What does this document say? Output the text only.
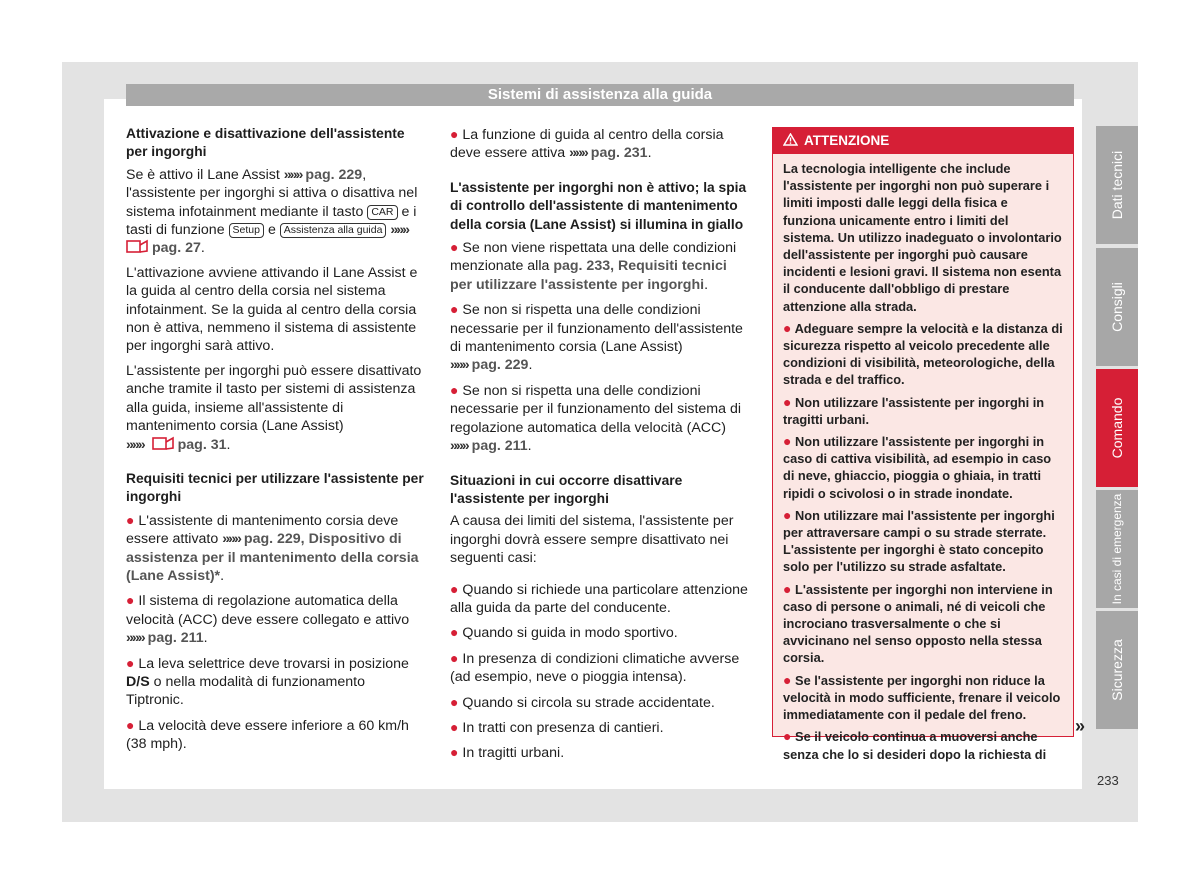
Sistemi di assistenza alla guida
Attivazione e disattivazione dell'assistente per ingorghi

Se è attivo il Lane Assist »»» pag. 229, l'assistente per ingorghi si attiva o disattiva nel sistema infotainment mediante il tasto CAR e i tasti di funzione Setup e Assistenza alla guida »»» pag. 27.

L'attivazione avviene attivando il Lane Assist e la guida al centro della corsia nel sistema infotainment. Se la guida al centro della corsia non è attiva, nemmeno il sistema di assistente per ingorghi sarà attivo.

L'assistente per ingorghi può essere disattivato anche tramite il tasto per sistemi di assistenza alla guida, insieme all'assistente di mantenimento corsia (Lane Assist)
»»» pag. 31.

Requisiti tecnici per utilizzare l'assistente per ingorghi

● L'assistente di mantenimento corsia deve essere attivato »»» pag. 229, Dispositivo di assistenza per il mantenimento della corsia (Lane Assist)*.

● Il sistema di regolazione automatica della velocità (ACC) deve essere collegato e attivo »»» pag. 211.

● La leva selettrice deve trovarsi in posizione D/S o nella modalità di funzionamento Tiptronic.

● La velocità deve essere inferiore a 60 km/h (38 mph).

● La funzione di guida al centro della corsia deve essere attiva »»» pag. 231.

L'assistente per ingorghi non è attivo; la spia di controllo dell'assistente di mantenimento della corsia (Lane Assist) si illumina in giallo

● Se non viene rispettata una delle condizioni menzionate alla pag. 233, Requisiti tecnici per utilizzare l'assistente per ingorghi.

● Se non si rispetta una delle condizioni necessarie per il funzionamento dell'assistente di mantenimento corsia (Lane Assist)
»»» pag. 229.

● Se non si rispetta una delle condizioni necessarie per il funzionamento del sistema di regolazione automatica della velocità (ACC)
»»» pag. 211.

Situazioni in cui occorre disattivare l'assistente per ingorghi

A causa dei limiti del sistema, l'assistente per ingorghi dovrà essere sempre disattivato nei seguenti casi:

● Quando si richiede una particolare attenzione alla guida da parte del conducente.

● Quando si guida in modo sportivo.

● In presenza di condizioni climatiche avverse (ad esempio, neve o pioggia intensa).

● Quando si circola su strade accidentate.

● In tratti con presenza di cantieri.

● In tragitti urbani.

ATTENZIONE

La tecnologia intelligente che include l'assistente per ingorghi non può superare i limiti imposti dalle leggi della fisica e funziona unicamente entro i limiti del sistema. Un utilizzo inadeguato o involontario dell'assistente per ingorghi può causare incidenti e lesioni gravi. Il sistema non esenta il conducente dall'obbligo di prestare attenzione alla strada.

● Adeguare sempre la velocità e la distanza di sicurezza rispetto al veicolo precedente alle condizioni di visibilità, meteorologiche, della strada e del traffico.

● Non utilizzare l'assistente per ingorghi in tragitti urbani.

● Non utilizzare l'assistente per ingorghi in caso di cattiva visibilità, ad esempio in caso di neve, ghiaccio, pioggia o ghiaia, in tratti ripidi o scivolosi o in strade inondate.

● Non utilizzare mai l'assistente per ingorghi per attraversare campi o su strade sterrate. L'assistente per ingorghi è stato concepito solo per l'utilizzo su strade asfaltate.

● L'assistente per ingorghi non interviene in caso di persone o animali, né di veicoli che incrociano trasversalmente o che si avvicinano nel senso opposto nella stessa corsia.

● Se l'assistente per ingorghi non riduce la velocità in modo sufficiente, frenare il veicolo immediatamente con il pedale del freno.

● Se il veicolo continua a muoversi anche senza che lo si desideri dopo la richiesta di

»
Dati tecnici
Consigli
Comando
In casi di emergenza
Sicurezza
233
